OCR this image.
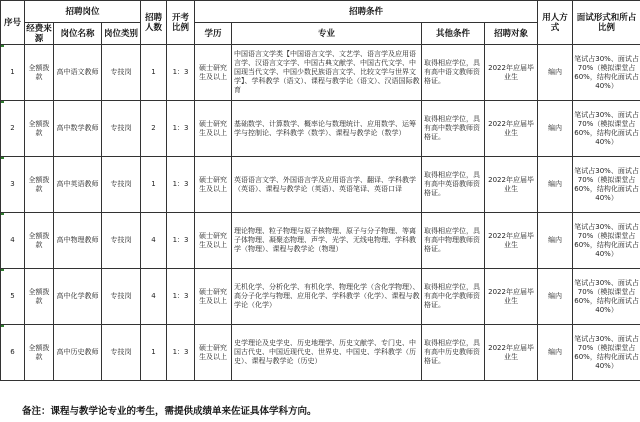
序号	招聘岗位			招聘人数	开考比例	招聘条件				用人方式	面试形式和所占比例
	经费来源	岗位名称	岗位类别			学历	专业	其他条件	招聘对象		
1	全额拨款	高中语文教师	专技岗	1	1：3	硕士研究生及以上	中国语言文学类【中国语言文学、文艺学、语言学及应用语言学、汉语言文字学、中国古典文献学、中国古代文学、中国现当代文学、中国少数民族语言文学、比较文学与世界文学】、学科教学（语文）、课程与教学论（语文）、汉语国际教育	取得相应学位，具有高中语文教师资格证。	2022年应届毕业生	编内	笔试占30%、面试占70%（模拟课堂占60%，结构化面试占40%）
2	全额拨款	高中数学教师	专技岗	2	1：3	硕士研究生及以上	基础数学、计算数学、概率论与数理统计、应用数学、运筹学与控制论、学科教学（数学）、课程与教学论（数学）	取得相应学位，具有高中数学教师资格证。	2022年应届毕业生	编内	笔试占30%、面试占70%（模拟课堂占60%，结构化面试占40%）
3	全额拨款	高中英语教师	专技岗	1	1：3	硕士研究生及以上	英语语言文学、外国语言学及应用语言学、翻译、学科教学（英语）、课程与教学论（英语）、英语笔译、英语口译	取得相应学位，具有高中英语教师资格证。	2022年应届毕业生	编内	笔试占30%、面试占70%（模拟课堂占60%，结构化面试占40%）
4	全额拨款	高中物理教师	专技岗	4	1：3	硕士研究生及以上	理论物理、粒子物理与原子核物理、原子与分子物理、等离子体物理、凝聚态物理、声学、光学、无线电物理、学科教学（物理）、课程与教学论（物理）	取得相应学位，具有高中物理教师资格证。	2022年应届毕业生	编内	笔试占30%、面试占70%（模拟课堂占60%，结构化面试占40%）
5	全额拨款	高中化学教师	专技岗	4	1：3	硕士研究生及以上	无机化学、分析化学、有机化学、物理化学（含化学物理）、高分子化学与物理、应用化学、学科教学（化学）、课程与教学论（化学）	取得相应学位，具有高中化学教师资格证。	2022年应届毕业生	编内	笔试占30%、面试占70%（模拟课堂占60%，结构化面试占40%）
6	全额拨款	高中历史教师	专技岗	1	1：3	硕士研究生及以上	史学理论及史学史、历史地理学、历史文献学、专门史、中国古代史、中国近现代史、世界史、中国史、学科教学（历史）、课程与教学论（历史）	取得相应学位，具有高中历史教师资格证。	2022年应届毕业生	编内	笔试占30%、面试占70%（模拟课堂占60%，结构化面试占40%）
备注：课程与教学论专业的考生，需提供成绩单来佐证具体学科方向。
